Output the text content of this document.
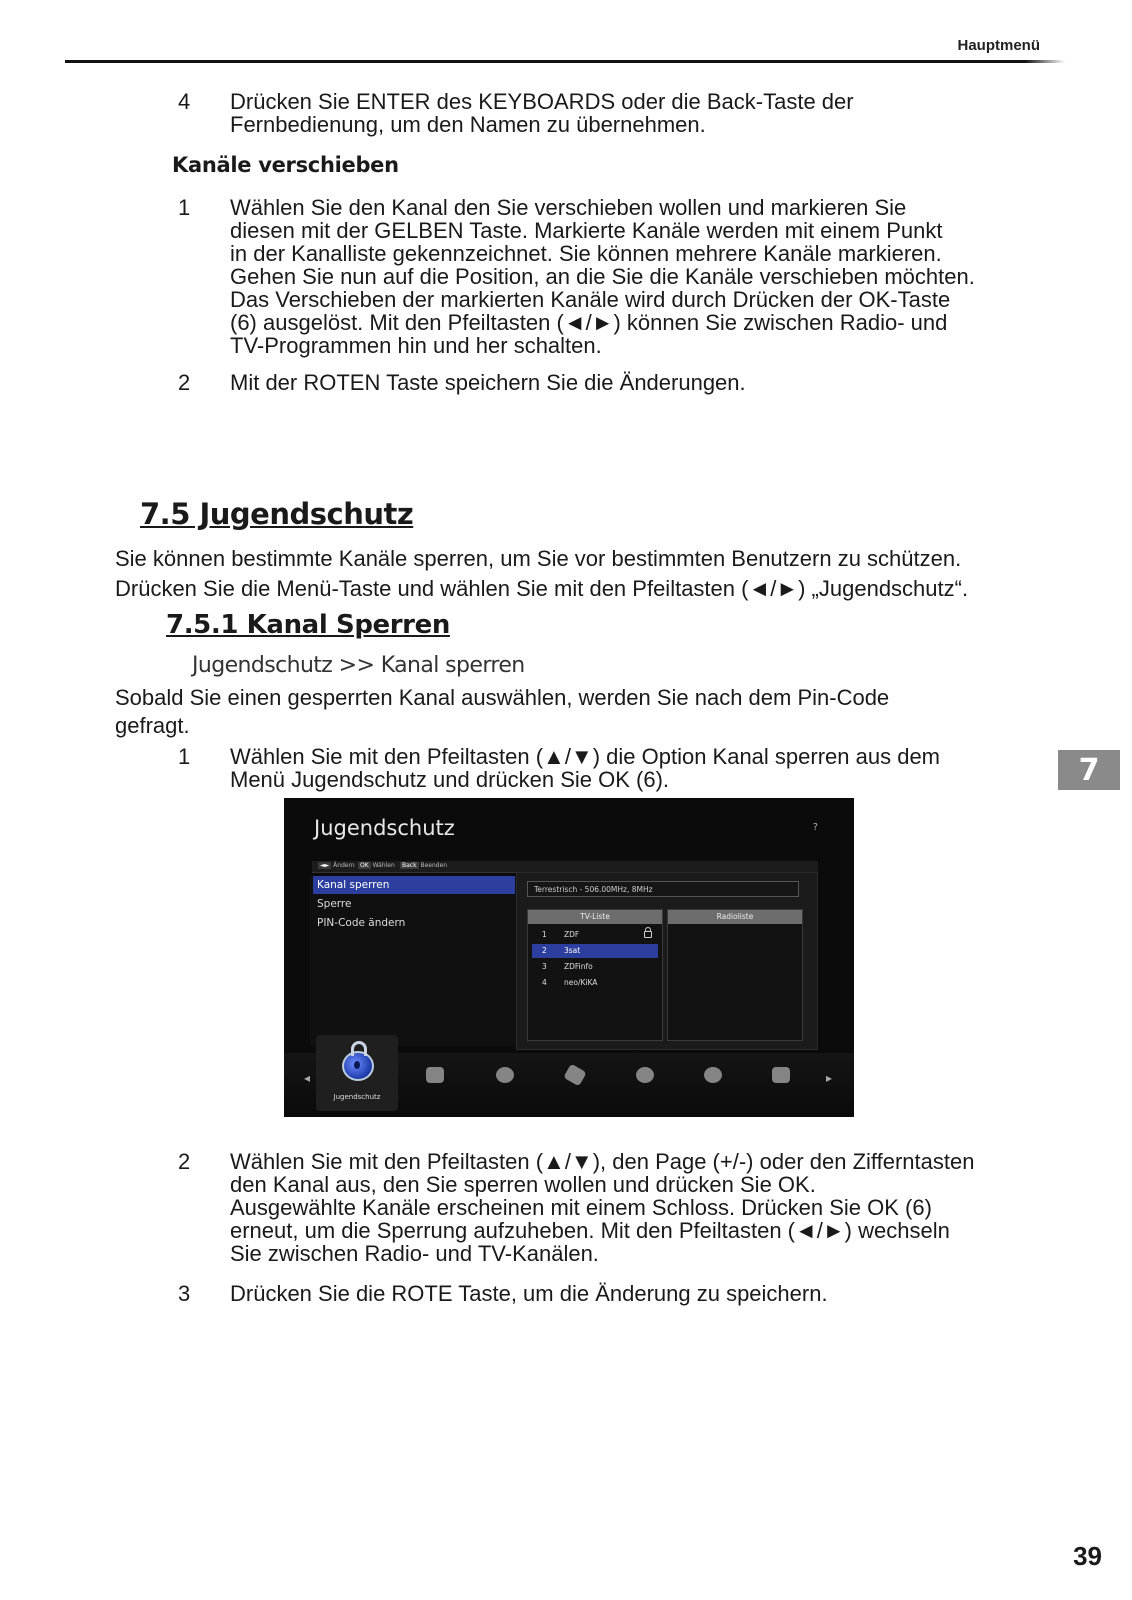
Hauptmenü
4 Drücken Sie ENTER des KEYBOARDS oder die Back-Taste der
Fernbedienung, um den Namen zu übernehmen.
Kanäle verschieben
1 Wählen Sie den Kanal den Sie verschieben wollen und markieren Sie
diesen mit der GELBEN Taste. Markierte Kanäle werden mit einem Punkt
in der Kanalliste gekennzeichnet. Sie können mehrere Kanäle markieren.
Gehen Sie nun auf die Position, an die Sie die Kanäle verschieben möchten.
Das Verschieben der markierten Kanäle wird durch Drücken der OK-Taste
(6) ausgelöst. Mit den Pfeiltasten (◄/►) können Sie zwischen Radio- und
TV-Programmen hin und her schalten.
2 Mit der ROTEN Taste speichern Sie die Änderungen.
7.5 Jugendschutz
Sie können bestimmte Kanäle sperren, um Sie vor bestimmten Benutzern zu schützen.
Drücken Sie die Menü-Taste und wählen Sie mit den Pfeiltasten (◄/►) „Jugendschutz“.
7.5.1 Kanal Sperren
Jugendschutz >> Kanal sperren
Sobald Sie einen gesperrten Kanal auswählen, werden Sie nach dem Pin-Code
gefragt.
1 Wählen Sie mit den Pfeiltasten (▲/▼) die Option Kanal sperren aus dem
Menü Jugendschutz und drücken Sie OK (6).	7
Jugendschutz	?
◄► Ändern OK Wählen	Back Beenden
Kanal sperren
Sperre
PIN-Code ändern
Terrestrisch - 506.00MHz, 8MHz
TV-Liste
1 ZDF
2 3sat
3 ZDFinfo
4 neo/KiKA
Radioliste
◂
Jugendschutz
▸
2 Wählen Sie mit den Pfeiltasten (▲/▼), den Page (+/-) oder den Zifferntasten
den Kanal aus, den Sie sperren wollen und drücken Sie OK.
Ausgewählte Kanäle erscheinen mit einem Schloss. Drücken Sie OK (6)
erneut, um die Sperrung aufzuheben. Mit den Pfeiltasten (◄/►) wechseln
Sie zwischen Radio- und TV-Kanälen.
3 Drücken Sie die ROTE Taste, um die Änderung zu speichern.
39
